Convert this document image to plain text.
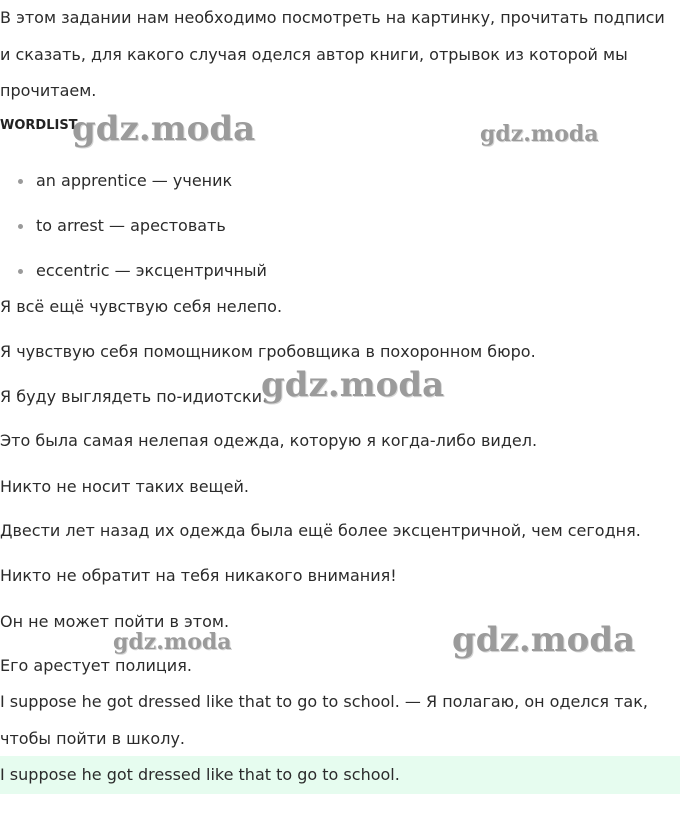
В этом задании нам необходимо посмотреть на картинку, прочитать подписи

и сказать, для какого случая оделся автор книги, отрывок из которой мы

прочитаем.

WORDLIST

an apprentice — ученик
to arrest — арестовать
eccentric — эксцентричный

Я всё ещё чувствую себя нелепо.

Я чувствую себя помощником гробовщика в похоронном бюро.

Я буду выглядеть по-идиотски.

Это была самая нелепая одежда, которую я когда-либо видел.

Никто не носит таких вещей.

Двести лет назад их одежда была ещё более эксцентричной, чем сегодня.

Никто не обратит на тебя никакого внимания!

Он не может пойти в этом.

Его арестует полиция.

I suppose he got dressed like that to go to school. — Я полагаю, он оделся так,

чтобы пойти в школу.

I suppose he got dressed like that to go to school.

gdz.moda	gdz.moda
gdz.moda
gdz.moda	gdz.moda
